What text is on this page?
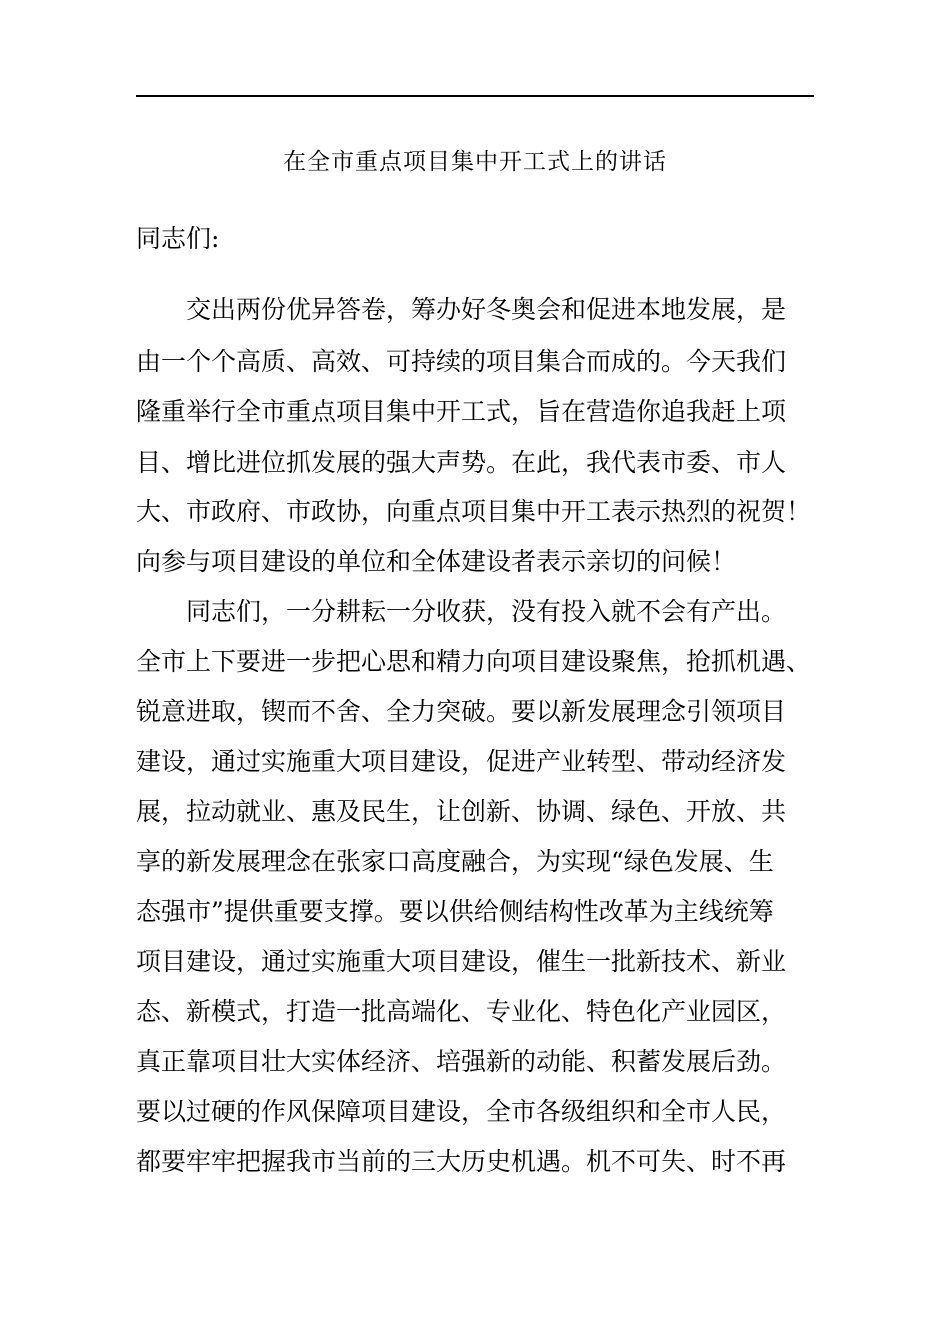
在全市重点项目集中开工式上的讲话
同志们:
交出两份优异答卷，筹办好冬奥会和促进本地发展，是
由一个个高质、高效、可持续的项目集合而成的。今天我们
隆重举行全市重点项目集中开工式，旨在营造你追我赶上项
目、增比进位抓发展的强大声势。在此，我代表市委、市人
大、市政府、市政协，向重点项目集中开工表示热烈的祝贺！
向参与项目建设的单位和全体建设者表示亲切的问候！
同志们，一分耕耘一分收获，没有投入就不会有产出。
全市上下要进一步把心思和精力向项目建设聚焦，抢抓机遇、
锐意进取，锲而不舍、全力突破。要以新发展理念引领项目
建设，通过实施重大项目建设，促进产业转型、带动经济发
展，拉动就业、惠及民生，让创新、协调、绿色、开放、共
享的新发展理念在张家口高度融合，为实现“绿色发展、生
态强市”提供重要支撑。要以供给侧结构性改革为主线统筹
项目建设，通过实施重大项目建设，催生一批新技术、新业
态、新模式，打造一批高端化、专业化、特色化产业园区，
真正靠项目壮大实体经济、培强新的动能、积蓄发展后劲。
要以过硬的作风保障项目建设，全市各级组织和全市人民，
都要牢牢把握我市当前的三大历史机遇。机不可失、时不再
